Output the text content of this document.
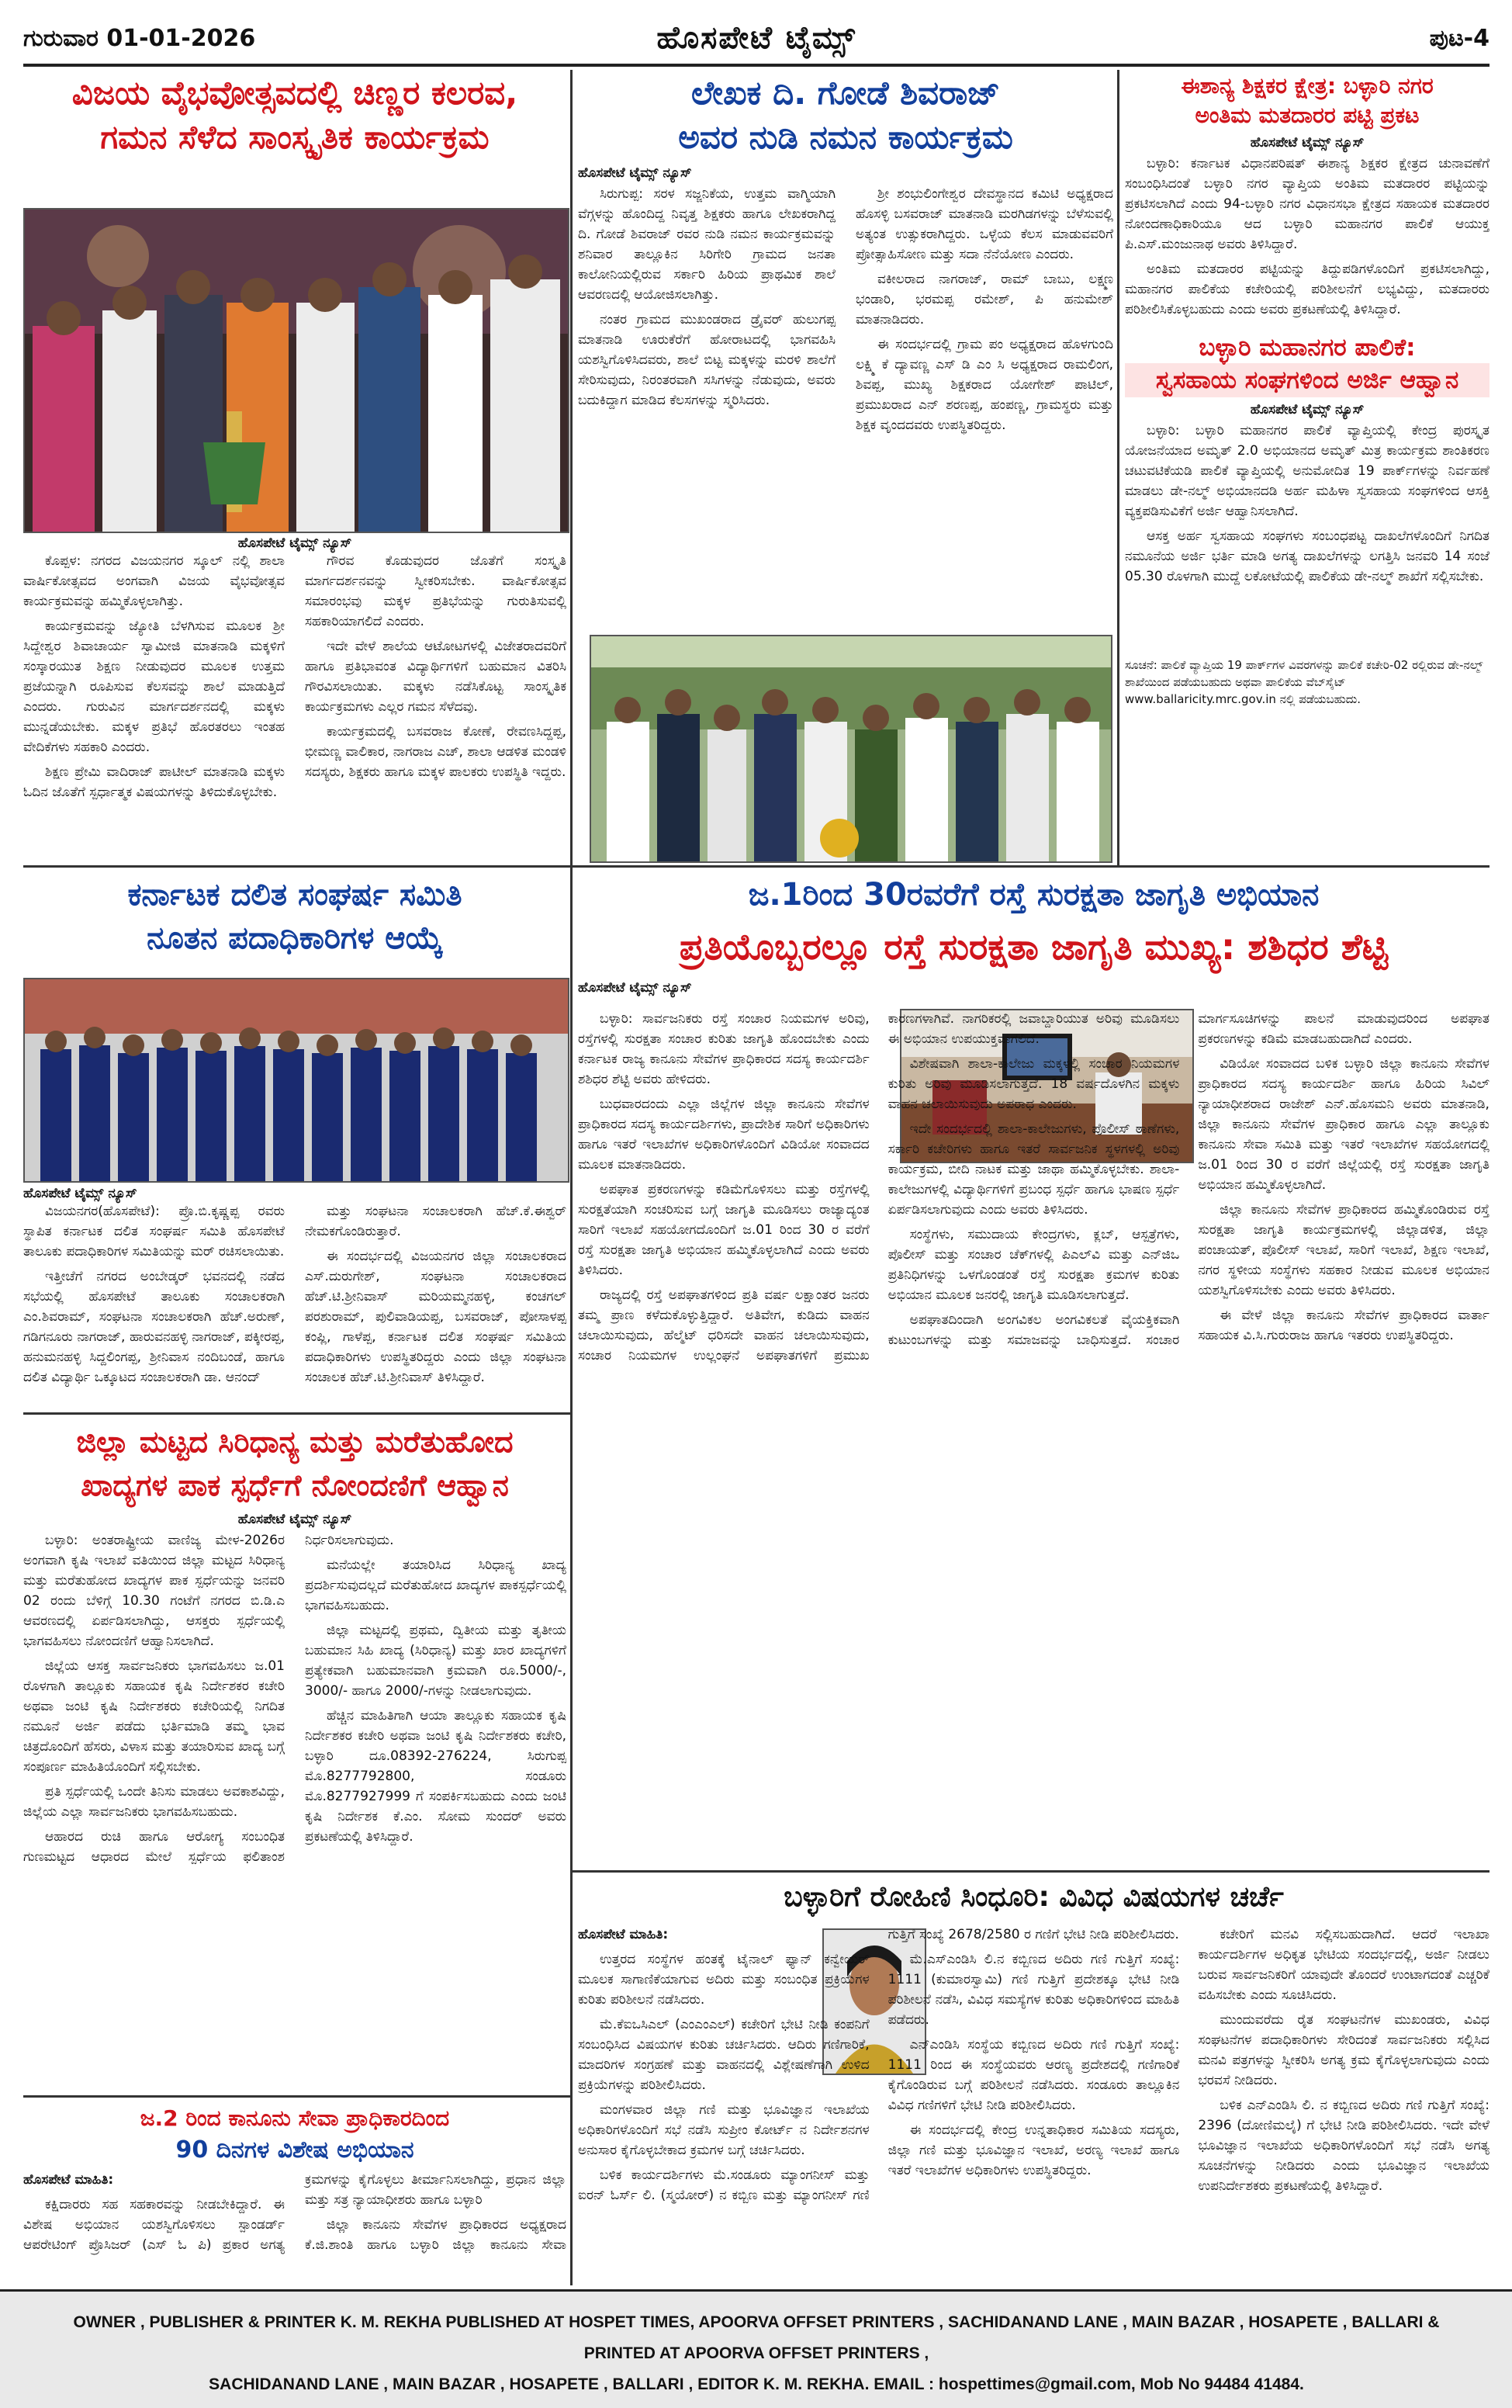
ಹೊಸಪೇಟೆ ಟೈಮ್ಸ್
ಗುರುವಾರ 01-01-2026	ಪುಟ-4
ವಿಜಯ ವೈಭವೋತ್ಸವದಲ್ಲಿ ಚಿಣ್ಣರ ಕಲರವ,
ಗಮನ ಸೆಳೆದ ಸಾಂಸ್ಕೃತಿಕ ಕಾರ್ಯಕ್ರಮ
ಹೊಸಪೇಟೆ ಟೈಮ್ಸ್ ನ್ಯೂಸ್

ಕೊಪ್ಪಳ: ನಗರದ ವಿಜಯನಗರ ಸ್ಕೂಲ್ ನಲ್ಲಿ ಶಾಲಾ ವಾರ್ಷಿಕೋತ್ಸವದ ಅಂಗವಾಗಿ ವಿಜಯ ವೈಭವೋತ್ಸವ ಕಾರ್ಯಕ್ರಮವನ್ನು ಹಮ್ಮಿಕೊಳ್ಳಲಾಗಿತ್ತು.

ಕಾರ್ಯಕ್ರಮವನ್ನು ಜ್ಯೋತಿ ಬೆಳಗಿಸುವ ಮೂಲಕ ಶ್ರೀ ಸಿದ್ದೇಶ್ವರ ಶಿವಾಚಾರ್ಯ ಸ್ವಾಮೀಜಿ ಮಾತನಾಡಿ ಮಕ್ಕಳಿಗೆ ಸಂಸ್ಕಾರಯುತ ಶಿಕ್ಷಣ ನೀಡುವುದರ ಮೂಲಕ ಉತ್ತಮ ಪ್ರಜೆಯನ್ನಾಗಿ ರೂಪಿಸುವ ಕೆಲಸವನ್ನು ಶಾಲೆ ಮಾಡುತ್ತಿದೆ ಎಂದರು. ಗುರುವಿನ ಮಾರ್ಗದರ್ಶನದಲ್ಲಿ ಮಕ್ಕಳು ಮುನ್ನಡೆಯಬೇಕು. ಮಕ್ಕಳ ಪ್ರತಿಭೆ ಹೊರತರಲು ಇಂತಹ ವೇದಿಕೆಗಳು ಸಹಕಾರಿ ಎಂದರು.

ಶಿಕ್ಷಣ ಪ್ರೇಮಿ ವಾದಿರಾಜ್ ಪಾಟೀಲ್ ಮಾತನಾಡಿ ಮಕ್ಕಳು ಓದಿನ ಜೊತೆಗೆ ಸ್ಪರ್ಧಾತ್ಮಕ ವಿಷಯಗಳನ್ನು ತಿಳಿದುಕೊಳ್ಳಬೇಕು.

ಗೌರವ ಕೊಡುವುದರ ಜೊತೆಗೆ ಸಂಸ್ಕೃತಿ ಮಾರ್ಗದರ್ಶನವನ್ನು ಸ್ವೀಕರಿಸಬೇಕು. ವಾರ್ಷಿಕೋತ್ಸವ ಸಮಾರಂಭವು ಮಕ್ಕಳ ಪ್ರತಿಭೆಯನ್ನು ಗುರುತಿಸುವಲ್ಲಿ ಸಹಕಾರಿಯಾಗಲಿದೆ ಎಂದರು.

ಇದೇ ವೇಳೆ ಶಾಲೆಯ ಆಟೋಟಗಳಲ್ಲಿ ವಿಜೇತರಾದವರಿಗೆ ಹಾಗೂ ಪ್ರತಿಭಾವಂತ ವಿದ್ಯಾರ್ಥಿಗಳಿಗೆ ಬಹುಮಾನ ವಿತರಿಸಿ ಗೌರವಿಸಲಾಯಿತು. ಮಕ್ಕಳು ನಡೆಸಿಕೊಟ್ಟ ಸಾಂಸ್ಕೃತಿಕ ಕಾರ್ಯಕ್ರಮಗಳು ಎಲ್ಲರ ಗಮನ ಸೆಳೆದವು.

ಕಾರ್ಯಕ್ರಮದಲ್ಲಿ ಬಸವರಾಜ ಕೋಣೆ, ರೇವಣಸಿದ್ದಪ್ಪ, ಭೀಮಣ್ಣ ವಾಲಿಕಾರ, ನಾಗರಾಜ ಎಚ್, ಶಾಲಾ ಆಡಳಿತ ಮಂಡಳಿ ಸದಸ್ಯರು, ಶಿಕ್ಷಕರು ಹಾಗೂ ಮಕ್ಕಳ ಪಾಲಕರು ಉಪಸ್ಥಿತಿ ಇದ್ದರು.

ಲೇಖಕ ದಿ. ಗೋಡೆ ಶಿವರಾಜ್
ಅವರ ನುಡಿ ನಮನ ಕಾರ್ಯಕ್ರಮ
ಹೊಸಪೇಟೆ ಟೈಮ್ಸ್ ನ್ಯೂಸ್

ಸಿರುಗುಪ್ಪ: ಸರಳ ಸಜ್ಜನಿಕೆಯ, ಉತ್ತಮ ವಾಗ್ಮಿಯಾಗಿ ವೆಗ್ಗಳನ್ನು ಹೊಂದಿದ್ದ ನಿವೃತ್ತ ಶಿಕ್ಷಕರು ಹಾಗೂ ಲೇಖಕರಾಗಿದ್ದ ದಿ. ಗೋಡೆ ಶಿವರಾಜ್ ರವರ ನುಡಿ ನಮನ ಕಾರ್ಯಕ್ರಮವನ್ನು ಶನಿವಾರ ತಾಲ್ಲೂಕಿನ ಸಿರಿಗೇರಿ ಗ್ರಾಮದ ಜನತಾ ಕಾಲೋನಿಯಲ್ಲಿರುವ ಸರ್ಕಾರಿ ಹಿರಿಯ ಪ್ರಾಥಮಿಕ ಶಾಲೆ ಆವರಣದಲ್ಲಿ ಆಯೋಜಿಸಲಾಗಿತ್ತು.

ನಂತರ ಗ್ರಾಮದ ಮುಖಂಡರಾದ ಡ್ರೈವರ್ ಹುಲುಗಪ್ಪ ಮಾತನಾಡಿ ಊರುಕೆರೆಗೆ ಹೋರಾಟದಲ್ಲಿ ಭಾಗವಹಿಸಿ ಯಶಸ್ವಿಗೊಳಿಸಿದವರು, ಶಾಲೆ ಬಿಟ್ಟ ಮಕ್ಕಳನ್ನು ಮರಳಿ ಶಾಲೆಗೆ ಸೇರಿಸುವುದು, ನಿರಂತರವಾಗಿ ಸಸಿಗಳನ್ನು ನೆಡುವುದು, ಅವರು ಬದುಕಿದ್ದಾಗ ಮಾಡಿದ ಕೆಲಸಗಳನ್ನು ಸ್ಮರಿಸಿದರು.

ಶ್ರೀ ಶಂಭುಲಿಂಗೇಶ್ವರ ದೇವಸ್ಥಾನದ ಕಮಿಟಿ ಅಧ್ಯಕ್ಷರಾದ ಹೊಸಳ್ಳಿ ಬಸವರಾಜ್ ಮಾತನಾಡಿ ಮರಗಿಡಗಳನ್ನು ಬೆಳೆಸುವಲ್ಲಿ ಅತ್ಯಂತ ಉತ್ಸುಕರಾಗಿದ್ದರು. ಒಳ್ಳೆಯ ಕೆಲಸ ಮಾಡುವವರಿಗೆ ಪ್ರೋತ್ಸಾಹಿಸೋಣ ಮತ್ತು ಸದಾ ನೆನೆಯೋಣ ಎಂದರು.

ವಕೀಲರಾದ ನಾಗರಾಜ್, ರಾಮ್ ಬಾಬು, ಲಕ್ಷ್ಮಣ ಭಂಡಾರಿ, ಭರಮಪ್ಪ ರಮೇಶ್, ಪಿ ಹನುಮೇಶ್ ಮಾತನಾಡಿದರು.

ಈ ಸಂದರ್ಭದಲ್ಲಿ ಗ್ರಾಮ ಪಂ ಅಧ್ಯಕ್ಷರಾದ ಹೊಳಗುಂದಿ ಲಕ್ಷ್ಮಿ ಕೆ ದ್ಯಾವಣ್ಣ ಎಸ್ ಡಿ ಎಂ ಸಿ ಅಧ್ಯಕ್ಷರಾದ ರಾಮಲಿಂಗ, ಶಿವಪ್ಪ, ಮುಖ್ಯ ಶಿಕ್ಷಕರಾದ ಯೋಗೇಶ್ ಪಾಟಿಲ್, ಪ್ರಮುಖರಾದ ಎನ್ ಶರಣಪ್ಪ, ಹಂಪಣ್ಣ, ಗ್ರಾಮಸ್ಥರು ಮತ್ತು ಶಿಕ್ಷಕ ವೃಂದದವರು ಉಪಸ್ಥಿತರಿದ್ದರು.

ಈಶಾನ್ಯ ಶಿಕ್ಷಕರ ಕ್ಷೇತ್ರ: ಬಳ್ಳಾರಿ ನಗರ
ಅಂತಿಮ ಮತದಾರರ ಪಟ್ಟಿ ಪ್ರಕಟ
ಹೊಸಪೇಟೆ ಟೈಮ್ಸ್ ನ್ಯೂಸ್

ಬಳ್ಳಾರಿ: ಕರ್ನಾಟಕ ವಿಧಾನಪರಿಷತ್ ಈಶಾನ್ಯ ಶಿಕ್ಷಕರ ಕ್ಷೇತ್ರದ ಚುನಾವಣೆಗೆ ಸಂಬಂಧಿಸಿದಂತೆ ಬಳ್ಳಾರಿ ನಗರ ವ್ಯಾಪ್ತಿಯ ಅಂತಿಮ ಮತದಾರರ ಪಟ್ಟಿಯನ್ನು ಪ್ರಕಟಿಸಲಾಗಿದೆ ಎಂದು 94-ಬಳ್ಳಾರಿ ನಗರ ವಿಧಾನಸಭಾ ಕ್ಷೇತ್ರದ ಸಹಾಯಕ ಮತದಾರರ ನೋಂದಣಾಧಿಕಾರಿಯೂ ಆದ ಬಳ್ಳಾರಿ ಮಹಾನಗರ ಪಾಲಿಕೆ ಆಯುಕ್ತ ಪಿ.ಎಸ್.ಮಂಜುನಾಥ ಅವರು ತಿಳಿಸಿದ್ದಾರೆ.

ಅಂತಿಮ ಮತದಾರರ ಪಟ್ಟಿಯನ್ನು ತಿದ್ದುಪಡಿಗಳೊಂದಿಗೆ ಪ್ರಕಟಿಸಲಾಗಿದ್ದು, ಮಹಾನಗರ ಪಾಲಿಕೆಯ ಕಚೇರಿಯಲ್ಲಿ ಪರಿಶೀಲನೆಗೆ ಲಭ್ಯವಿದ್ದು, ಮತದಾರರು ಪರಿಶೀಲಿಸಿಕೊಳ್ಳಬಹುದು ಎಂದು ಅವರು ಪ್ರಕಟಣೆಯಲ್ಲಿ ತಿಳಿಸಿದ್ದಾರೆ.

ಬಳ್ಳಾರಿ ಮಹಾನಗರ ಪಾಲಿಕೆ:
ಸ್ವಸಹಾಯ ಸಂಘಗಳಿಂದ ಅರ್ಜಿ ಆಹ್ವಾನ
ಹೊಸಪೇಟೆ ಟೈಮ್ಸ್ ನ್ಯೂಸ್

ಬಳ್ಳಾರಿ: ಬಳ್ಳಾರಿ ಮಹಾನಗರ ಪಾಲಿಕೆ ವ್ಯಾಪ್ತಿಯಲ್ಲಿ ಕೇಂದ್ರ ಪುರಸ್ಕೃತ ಯೋಜನೆಯಾದ ಅಮೃತ್ 2.0 ಅಭಿಯಾನದ ಅಮೃತ್ ಮಿತ್ರ ಕಾರ್ಯಕ್ರಮ ಶಾಂತಿಕರಣ ಚಟುವಟಿಕೆಯಡಿ ಪಾಲಿಕೆ ವ್ಯಾಪ್ತಿಯಲ್ಲಿ ಅನುಮೋದಿತ 19 ಪಾರ್ಕ್‌ಗಳನ್ನು ನಿರ್ವಹಣೆ ಮಾಡಲು ಡೇ-ನಲ್ಮ್ ಅಭಿಯಾನದಡಿ ಅರ್ಹ ಮಹಿಳಾ ಸ್ವಸಹಾಯ ಸಂಘಗಳಿಂದ ಆಸಕ್ತಿ ವ್ಯಕ್ತಪಡಿಸುವಿಕೆಗೆ ಅರ್ಜಿ ಆಹ್ವಾನಿಸಲಾಗಿದೆ.

ಆಸಕ್ತ ಅರ್ಹ ಸ್ವಸಹಾಯ ಸಂಘಗಳು ಸಂಬಂಧಪಟ್ಟ ದಾಖಲೆಗಳೊಂದಿಗೆ ನಿಗದಿತ ನಮೂನೆಯ ಅರ್ಜಿ ಭರ್ತಿ ಮಾಡಿ ಅಗತ್ಯ ದಾಖಲೆಗಳನ್ನು ಲಗತ್ತಿಸಿ ಜನವರಿ 14 ಸಂಜೆ 05.30 ರೊಳಗಾಗಿ ಮುದ್ದೆ ಲಕೋಟೆಯಲ್ಲಿ ಪಾಲಿಕೆಯ ಡೇ-ನಲ್ಮ್ ಶಾಖೆಗೆ ಸಲ್ಲಿಸಬೇಕು.

ಸೂಚನೆ: ಪಾಲಿಕೆ ವ್ಯಾಪ್ತಿಯ 19 ಪಾರ್ಕ್‌ಗಳ ವಿವರಗಳನ್ನು ಪಾಲಿಕೆ ಕಚೇರಿ-02 ರಲ್ಲಿರುವ ಡೇ-ನಲ್ಮ್ ಶಾಖೆಯಿಂದ ಪಡೆಯಬಹುದು ಅಥವಾ ಪಾಲಿಕೆಯ ವೆಬ್‌ಸೈಟ್ www.ballaricity.mrc.gov.in ನಲ್ಲಿ ಪಡೆಯಬಹುದು.
ಕರ್ನಾಟಕ ದಲಿತ ಸಂಘರ್ಷ ಸಮಿತಿ
ನೂತನ ಪದಾಧಿಕಾರಿಗಳ ಆಯ್ಕೆ
ಹೊಸಪೇಟೆ ಟೈಮ್ಸ್ ನ್ಯೂಸ್

ವಿಜಯನಗರ(ಹೊಸಪೇಟೆ): ಪ್ರೊ.ಬಿ.ಕೃಷ್ಣಪ್ಪ ರವರು ಸ್ಥಾಪಿತ ಕರ್ನಾಟಕ ದಲಿತ ಸಂಘರ್ಷ ಸಮಿತಿ ಹೊಸಪೇಟೆ ತಾಲೂಕು ಪದಾಧಿಕಾರಿಗಳ ಸಮಿತಿಯನ್ನು ಮರ್ ರಚಿಸಲಾಯಿತು.

ಇತ್ತೀಚೆಗೆ ನಗರದ ಅಂಬೇಡ್ಕರ್ ಭವನದಲ್ಲಿ ನಡೆದ ಸಭೆಯಲ್ಲಿ ಹೊಸಪೇಟೆ ತಾಲೂಕು ಸಂಚಾಲಕರಾಗಿ ಎಂ.ಶಿವರಾಮ್, ಸಂಘಟನಾ ಸಂಚಾಲಕರಾಗಿ ಹೆಚ್.ಅರುಣ್, ಗಡಿಗನೂರು ನಾಗರಾಜ್, ಹಾರುವನಹಳ್ಳಿ ನಾಗರಾಜ್, ಪಕ್ಕೀರಪ್ಪ, ಹನುಮನಹಳ್ಳಿ ಸಿದ್ದಲಿಂಗಪ್ಪ, ಶ್ರೀನಿವಾಸ ನಂದಿಬಂಡೆ, ಹಾಗೂ ದಲಿತ ವಿದ್ಯಾರ್ಥಿ ಒಕ್ಕೂಟದ ಸಂಚಾಲಕರಾಗಿ ಡಾ. ಆನಂದ್

ಮತ್ತು ಸಂಘಟನಾ ಸಂಚಾಲಕರಾಗಿ ಹೆಚ್.ಕೆ.ಈಶ್ವರ್ ನೇಮಕಗೊಂಡಿರುತ್ತಾರೆ.

ಈ ಸಂದರ್ಭದಲ್ಲಿ ವಿಜಯನಗರ ಜಿಲ್ಲಾ ಸಂಚಾಲಕರಾದ ಎಸ್.ದುರುಗೇಶ್, ಸಂಘಟನಾ ಸಂಚಾಲಕರಾದ ಹೆಚ್.ಟಿ.ಶ್ರೀನಿವಾಸ್ ಮರಿಯಮ್ಮನಹಳ್ಳಿ, ಕಂಚಗಲ್ ಪರಶುರಾಮ್, ಪುಲಿವಾಡಿಯಪ್ಪ, ಬಸವರಾಜ್, ಪೋಸಾಳಪ್ಪ ಕಂಪ್ಲಿ, ಗಾಳೆಪ್ಪ, ಕರ್ನಾಟಕ ದಲಿತ ಸಂಘರ್ಷ ಸಮಿತಿಯ ಪದಾಧಿಕಾರಿಗಳು ಉಪಸ್ಥಿತರಿದ್ದರು ಎಂದು ಜಿಲ್ಲಾ ಸಂಘಟನಾ ಸಂಚಾಲಕ ಹೆಚ್.ಟಿ.ಶ್ರೀನಿವಾಸ್ ತಿಳಿಸಿದ್ದಾರೆ.

ಜ.1ರಿಂದ 30ರವರೆಗೆ ರಸ್ತೆ ಸುರಕ್ಷತಾ ಜಾಗೃತಿ ಅಭಿಯಾನ
ಪ್ರತಿಯೊಬ್ಬರಲ್ಲೂ ರಸ್ತೆ ಸುರಕ್ಷತಾ ಜಾಗೃತಿ ಮುಖ್ಯ: ಶಶಿಧರ ಶೆಟ್ಟಿ
ಹೊಸಪೇಟೆ ಟೈಮ್ಸ್ ನ್ಯೂಸ್

ಬಳ್ಳಾರಿ: ಸಾರ್ವಜನಿಕರು ರಸ್ತೆ ಸಂಚಾರ ನಿಯಮಗಳ ಅರಿವು, ರಸ್ತೆಗಳಲ್ಲಿ ಸುರಕ್ಷತಾ ಸಂಚಾರ ಕುರಿತು ಜಾಗೃತಿ ಹೊಂದಬೇಕು ಎಂದು ಕರ್ನಾಟಕ ರಾಜ್ಯ ಕಾನೂನು ಸೇವೆಗಳ ಪ್ರಾಧಿಕಾರದ ಸದಸ್ಯ ಕಾರ್ಯದರ್ಶಿ ಶಶಿಧರ ಶೆಟ್ಟಿ ಅವರು ಹೇಳಿದರು.

ಬುಧವಾರದಂದು ಎಲ್ಲಾ ಜಿಲ್ಲೆಗಳ ಜಿಲ್ಲಾ ಕಾನೂನು ಸೇವೆಗಳ ಪ್ರಾಧಿಕಾರದ ಸದಸ್ಯ ಕಾರ್ಯದರ್ಶಿಗಳು, ಪ್ರಾದೇಶಿಕ ಸಾರಿಗೆ ಅಧಿಕಾರಿಗಳು ಹಾಗೂ ಇತರೆ ಇಲಾಖೆಗಳ ಅಧಿಕಾರಿಗಳೊಂದಿಗೆ ವಿಡಿಯೋ ಸಂವಾದದ ಮೂಲಕ ಮಾತನಾಡಿದರು.

ಅಪಘಾತ ಪ್ರಕರಣಗಳನ್ನು ಕಡಿಮೆಗೊಳಿಸಲು ಮತ್ತು ರಸ್ತೆಗಳಲ್ಲಿ ಸುರಕ್ಷತೆಯಾಗಿ ಸಂಚರಿಸುವ ಬಗ್ಗೆ ಜಾಗೃತಿ ಮೂಡಿಸಲು ರಾಜ್ಯಾದ್ಯಂತ ಸಾರಿಗೆ ಇಲಾಖೆ ಸಹಯೋಗದೊಂದಿಗೆ ಜ.01 ರಿಂದ 30 ರ ವರೆಗೆ ರಸ್ತೆ ಸುರಕ್ಷತಾ ಜಾಗೃತಿ ಅಭಿಯಾನ ಹಮ್ಮಿಕೊಳ್ಳಲಾಗಿದೆ ಎಂದು ಅವರು ತಿಳಿಸಿದರು.

ರಾಜ್ಯದಲ್ಲಿ ರಸ್ತೆ ಅಪಘಾತಗಳಿಂದ ಪ್ರತಿ ವರ್ಷ ಲಕ್ಷಾಂತರ ಜನರು ತಮ್ಮ ಪ್ರಾಣ ಕಳೆದುಕೊಳ್ಳುತ್ತಿದ್ದಾರೆ. ಅತಿವೇಗ, ಕುಡಿದು ವಾಹನ ಚಲಾಯಿಸುವುದು, ಹೆಲ್ಮೆಟ್ ಧರಿಸದೇ ವಾಹನ ಚಲಾಯಿಸುವುದು, ಸಂಚಾರ ನಿಯಮಗಳ ಉಲ್ಲಂಘನೆ ಅಪಘಾತಗಳಿಗೆ ಪ್ರಮುಖ ಕಾರಣಗಳಾಗಿವೆ. ನಾಗರಿಕರಲ್ಲಿ ಜವಾಬ್ದಾರಿಯುತ ಅರಿವು ಮೂಡಿಸಲು ಈ ಅಭಿಯಾನ ಉಪಯುಕ್ತವಾಗಲಿದೆ.

ವಿಶೇಷವಾಗಿ ಶಾಲಾ-ಕಾಲೇಜು ಮಕ್ಕಳಲ್ಲಿ ಸಂಚಾರ ನಿಯಮಗಳ ಕುರಿತು ಅರಿವು ಮೂಡಿಸಲಾಗುತ್ತದೆ. 18 ವರ್ಷದೊಳಗಿನ ಮಕ್ಕಳು ವಾಹನ ಚಲಾಯಿಸುವುದು ಅಪರಾಧ ಎಂದರು.

ಇದೇ ಸಂದರ್ಭದಲ್ಲಿ ಶಾಲಾ-ಕಾಲೇಜುಗಳು, ಪೊಲೀಸ್ ಠಾಣೆಗಳು, ಸರ್ಕಾರಿ ಕಚೇರಿಗಳು ಹಾಗೂ ಇತರೆ ಸಾರ್ವಜನಿಕ ಸ್ಥಳಗಳಲ್ಲಿ ಅರಿವು ಕಾರ್ಯಕ್ರಮ, ಬೀದಿ ನಾಟಕ ಮತ್ತು ಜಾಥಾ ಹಮ್ಮಿಕೊಳ್ಳಬೇಕು. ಶಾಲಾ-ಕಾಲೇಜುಗಳಲ್ಲಿ ವಿದ್ಯಾರ್ಥಿಗಳಿಗೆ ಪ್ರಬಂಧ ಸ್ಪರ್ಧೆ ಹಾಗೂ ಭಾಷಣ ಸ್ಪರ್ಧೆ ಏರ್ಪಡಿಸಲಾಗುವುದು ಎಂದು ಅವರು ತಿಳಿಸಿದರು.

ಸಂಸ್ಥೆಗಳು, ಸಮುದಾಯ ಕೇಂದ್ರಗಳು, ಕ್ಲಬ್, ಆಸ್ಪತ್ರೆಗಳು, ಪೊಲೀಸ್ ಮತ್ತು ಸಂಚಾರ ಚೆಕ್‌ಗಳಲ್ಲಿ ಪಿಎಲ್‌ವಿ ಮತ್ತು ಎನ್‌ಜಿಒ ಪ್ರತಿನಿಧಿಗಳನ್ನು ಒಳಗೊಂಡಂತೆ ರಸ್ತೆ ಸುರಕ್ಷತಾ ಕ್ರಮಗಳ ಕುರಿತು ಅಭಿಯಾನ ಮೂಲಕ ಜನರಲ್ಲಿ ಜಾಗೃತಿ ಮೂಡಿಸಲಾಗುತ್ತದೆ.

ಅಪಘಾತದಿಂದಾಗಿ ಅಂಗವಿಕಲ ಅಂಗವಿಕಲತೆ ವೈಯಕ್ತಿಕವಾಗಿ ಕುಟುಂಬಗಳನ್ನು ಮತ್ತು ಸಮಾಜವನ್ನು ಬಾಧಿಸುತ್ತದೆ. ಸಂಚಾರ ಮಾರ್ಗಸೂಚಿಗಳನ್ನು ಪಾಲನೆ ಮಾಡುವುದರಿಂದ ಅಪಘಾತ ಪ್ರಕರಣಗಳನ್ನು ಕಡಿಮೆ ಮಾಡಬಹುದಾಗಿದೆ ಎಂದರು.

ವಿಡಿಯೋ ಸಂವಾದದ ಬಳಿಕ ಬಳ್ಳಾರಿ ಜಿಲ್ಲಾ ಕಾನೂನು ಸೇವೆಗಳ ಪ್ರಾಧಿಕಾರದ ಸದಸ್ಯ ಕಾರ್ಯದರ್ಶಿ ಹಾಗೂ ಹಿರಿಯ ಸಿವಿಲ್ ನ್ಯಾಯಾಧೀಶರಾದ ರಾಜೇಶ್ ಎನ್.ಹೊಸಮನಿ ಅವರು ಮಾತನಾಡಿ, ಜಿಲ್ಲಾ ಕಾನೂನು ಸೇವೆಗಳ ಪ್ರಾಧಿಕಾರ ಹಾಗೂ ಎಲ್ಲಾ ತಾಲ್ಲೂಕು ಕಾನೂನು ಸೇವಾ ಸಮಿತಿ ಮತ್ತು ಇತರೆ ಇಲಾಖೆಗಳ ಸಹಯೋಗದಲ್ಲಿ ಜ.01 ರಿಂದ 30 ರ ವರೆಗೆ ಜಿಲ್ಲೆಯಲ್ಲಿ ರಸ್ತೆ ಸುರಕ್ಷತಾ ಜಾಗೃತಿ ಅಭಿಯಾನ ಹಮ್ಮಿಕೊಳ್ಳಲಾಗಿದೆ.

ಜಿಲ್ಲಾ ಕಾನೂನು ಸೇವೆಗಳ ಪ್ರಾಧಿಕಾರದ ಹಮ್ಮಿಕೊಂಡಿರುವ ರಸ್ತೆ ಸುರಕ್ಷತಾ ಜಾಗೃತಿ ಕಾರ್ಯಕ್ರಮಗಳಲ್ಲಿ ಜಿಲ್ಲಾಡಳಿತ, ಜಿಲ್ಲಾ ಪಂಚಾಯತ್, ಪೊಲೀಸ್ ಇಲಾಖೆ, ಸಾರಿಗೆ ಇಲಾಖೆ, ಶಿಕ್ಷಣ ಇಲಾಖೆ, ನಗರ ಸ್ಥಳೀಯ ಸಂಸ್ಥೆಗಳು ಸಹಕಾರ ನೀಡುವ ಮೂಲಕ ಅಭಿಯಾನ ಯಶಸ್ವಿಗೊಳಿಸಬೇಕು ಎಂದು ಅವರು ತಿಳಿಸಿದರು.

ಈ ವೇಳೆ ಜಿಲ್ಲಾ ಕಾನೂನು ಸೇವೆಗಳ ಪ್ರಾಧಿಕಾರದ ವಾರ್ತಾ ಸಹಾಯಕ ವಿ.ಸಿ.ಗುರುರಾಜ ಹಾಗೂ ಇತರರು ಉಪಸ್ಥಿತರಿದ್ದರು.

ಜಿಲ್ಲಾ ಮಟ್ಟದ ಸಿರಿಧಾನ್ಯ ಮತ್ತು ಮರೆತುಹೋದ
ಖಾದ್ಯಗಳ ಪಾಕ ಸ್ಪರ್ಧೆಗೆ ನೋಂದಣಿಗೆ ಆಹ್ವಾನ
ಹೊಸಪೇಟೆ ಟೈಮ್ಸ್ ನ್ಯೂಸ್

ಬಳ್ಳಾರಿ: ಅಂತರಾಷ್ಟ್ರೀಯ ವಾಣಿಜ್ಯ ಮೇಳ-2026ರ ಅಂಗವಾಗಿ ಕೃಷಿ ಇಲಾಖೆ ವತಿಯಿಂದ ಜಿಲ್ಲಾ ಮಟ್ಟದ ಸಿರಿಧಾನ್ಯ ಮತ್ತು ಮರೆತುಹೋದ ಖಾದ್ಯಗಳ ಪಾಕ ಸ್ಪರ್ಧೆಯನ್ನು ಜನವರಿ 02 ರಂದು ಬೆಳಿಗ್ಗೆ 10.30 ಗಂಟೆಗೆ ನಗರದ ಬಿ.ಡಿ.ಎ ಆವರಣದಲ್ಲಿ ಏರ್ಪಡಿಸಲಾಗಿದ್ದು, ಆಸಕ್ತರು ಸ್ಪರ್ಧೆಯಲ್ಲಿ ಭಾಗವಹಿಸಲು ನೋಂದಣಿಗೆ ಆಹ್ವಾನಿಸಲಾಗಿದೆ.

ಜಿಲ್ಲೆಯ ಆಸಕ್ತ ಸಾರ್ವಜನಿಕರು ಭಾಗವಹಿಸಲು ಜ.01 ರೊಳಗಾಗಿ ತಾಲ್ಲೂಕು ಸಹಾಯಕ ಕೃಷಿ ನಿರ್ದೇಶಕರ ಕಚೇರಿ ಅಥವಾ ಜಂಟಿ ಕೃಷಿ ನಿರ್ದೇಶಕರು ಕಚೇರಿಯಲ್ಲಿ ನಿಗದಿತ ನಮೂನೆ ಅರ್ಜಿ ಪಡೆದು ಭರ್ತಿಮಾಡಿ ತಮ್ಮ ಭಾವ ಚಿತ್ರದೊಂದಿಗೆ ಹೆಸರು, ವಿಳಾಸ ಮತ್ತು ತಯಾರಿಸುವ ಖಾದ್ಯ ಬಗ್ಗೆ ಸಂಪೂರ್ಣ ಮಾಹಿತಿಯೊಂದಿಗೆ ಸಲ್ಲಿಸಬೇಕು.

ಪ್ರತಿ ಸ್ಪರ್ಧೆಯಲ್ಲಿ ಒಂದೇ ತಿನಿಸು ಮಾಡಲು ಅವಕಾಶವಿದ್ದು, ಜಿಲ್ಲೆಯ ಎಲ್ಲಾ ಸಾರ್ವಜನಿಕರು ಭಾಗವಹಿಸಬಹುದು.

ಆಹಾರದ ರುಚಿ ಹಾಗೂ ಆರೋಗ್ಯ ಸಂಬಂಧಿತ ಗುಣಮಟ್ಟದ ಆಧಾರದ ಮೇಲೆ ಸ್ಪರ್ಧೆಯ ಫಲಿತಾಂಶ ನಿರ್ಧರಿಸಲಾಗುವುದು.

ಮನೆಯಲ್ಲೇ ತಯಾರಿಸಿದ ಸಿರಿಧಾನ್ಯ ಖಾದ್ಯ ಪ್ರದರ್ಶಿಸುವುದಲ್ಲದೆ ಮರೆತುಹೋದ ಖಾದ್ಯಗಳ ಪಾಕಸ್ಪರ್ಧೆಯಲ್ಲಿ ಭಾಗವಹಿಸಬಹುದು.

ಜಿಲ್ಲಾ ಮಟ್ಟದಲ್ಲಿ ಪ್ರಥಮ, ದ್ವಿತೀಯ ಮತ್ತು ತೃತೀಯ ಬಹುಮಾನ ಸಿಹಿ ಖಾದ್ಯ (ಸಿರಿಧಾನ್ಯ) ಮತ್ತು ಖಾರ ಖಾದ್ಯಗಳಿಗೆ ಪ್ರತ್ಯೇಕವಾಗಿ ಬಹುಮಾನವಾಗಿ ಕ್ರಮವಾಗಿ ರೂ.5000/-, 3000/- ಹಾಗೂ 2000/-ಗಳನ್ನು ನೀಡಲಾಗುವುದು.

ಹೆಚ್ಚಿನ ಮಾಹಿತಿಗಾಗಿ ಆಯಾ ತಾಲ್ಲೂಕು ಸಹಾಯಕ ಕೃಷಿ ನಿರ್ದೇಶಕರ ಕಚೇರಿ ಅಥವಾ ಜಂಟಿ ಕೃಷಿ ನಿರ್ದೇಶಕರು ಕಚೇರಿ, ಬಳ್ಳಾರಿ ದೂ.08392-276224, ಸಿರುಗುಪ್ಪ ಮೊ.8277792800, ಸಂಡೂರು ಮೊ.8277927999 ಗೆ ಸಂಪರ್ಕಿಸಬಹುದು ಎಂದು ಜಂಟಿ ಕೃಷಿ ನಿರ್ದೇಶಕ ಕೆ.ಎಂ. ಸೋಮ ಸುಂದರ್ ಅವರು ಪ್ರಕಟಣೆಯಲ್ಲಿ ತಿಳಿಸಿದ್ದಾರೆ.

ಜ.2 ರಿಂದ ಕಾನೂನು ಸೇವಾ ಪ್ರಾಧಿಕಾರದಿಂದ
90 ದಿನಗಳ ವಿಶೇಷ ಅಭಿಯಾನ

ಹೊಸಪೇಟೆ ಮಾಹಿತಿ:

ಕಕ್ಷಿದಾರರು ಸಹ ಸಹಕಾರವನ್ನು ನೀಡಬೇಕಿದ್ದಾರೆ. ಈ ವಿಶೇಷ ಅಭಿಯಾನ ಯಶಸ್ವಿಗೊಳಿಸಲು ಸ್ಪಾಂಡರ್ಡ್ ಆಪರೇಟಿಂಗ್ ಪ್ರೊಸಿಜರ್ (ಎಸ್ ಓ ಪಿ) ಪ್ರಕಾರ ಅಗತ್ಯ ಕ್ರಮಗಳನ್ನು ಕೈಗೊಳ್ಳಲು ತೀರ್ಮಾನಿಸಲಾಗಿದ್ದು, ಪ್ರಧಾನ ಜಿಲ್ಲಾ ಮತ್ತು ಸತ್ರ ನ್ಯಾಯಾಧೀಶರು ಹಾಗೂ ಬಳ್ಳಾರಿ

ಜಿಲ್ಲಾ ಕಾನೂನು ಸೇವೆಗಳ ಪ್ರಾಧಿಕಾರದ ಅಧ್ಯಕ್ಷರಾದ ಕೆ.ಜಿ.ಶಾಂತಿ ಹಾಗೂ ಬಳ್ಳಾರಿ ಜಿಲ್ಲಾ ಕಾನೂನು ಸೇವಾ

ಬಳ್ಳಾರಿಗೆ ರೋಹಿಣಿ ಸಿಂಧೂರಿ: ವಿವಿಧ ವಿಷಯಗಳ ಚರ್ಚೆ

ಹೊಸಪೇಟೆ ಮಾಹಿತಿ:

ಉತ್ತರದ ಸಂಸ್ಥೆಗಳ ಹಂತಕ್ಕೆ ಟೈನಾಲ್ ಫ್ಯಾನ್ ಕನ್ವೇಯರ್ ಮೂಲಕ ಸಾಗಾಣಿಕೆಯಾಗುವ ಅದಿರು ಮತ್ತು ಸಂಬಂಧಿತ ಪ್ರಕ್ರಿಯೆಗಳ ಕುರಿತು ಪರಿಶೀಲನೆ ನಡೆಸಿದರು.

ಮೆ.ಕೆಐಒಸಿಎಲ್ (ಎಂಎಂಎಲ್) ಕಚೇರಿಗೆ ಭೇಟಿ ನೀಡಿ ಕಂಪನಿಗೆ ಸಂಬಂಧಿಸಿದ ವಿಷಯಗಳ ಕುರಿತು ಚರ್ಚಿಸಿದರು. ಆದಿರು ಗಣಿಗಾರಿಕೆ, ಮಾದರಿಗಳ ಸಂಗ್ರಹಣೆ ಮತ್ತು ವಾಹನದಲ್ಲಿ ವಿಶ್ಲೇಷಣೆಗಾಗಿ ಉಳಿದ ಪ್ರಕ್ರಿಯೆಗಳನ್ನು ಪರಿಶೀಲಿಸಿದರು.

ಮಂಗಳವಾರ ಜಿಲ್ಲಾ ಗಣಿ ಮತ್ತು ಭೂವಿಜ್ಞಾನ ಇಲಾಖೆಯ ಅಧಿಕಾರಿಗಳೊಂದಿಗೆ ಸಭೆ ನಡೆಸಿ ಸುಪ್ರೀಂ ಕೋರ್ಟ್ ನ ನಿರ್ದೇಶನಗಳ ಅನುಸಾರ ಕೈಗೊಳ್ಳಬೇಕಾದ ಕ್ರಮಗಳ ಬಗ್ಗೆ ಚರ್ಚಿಸಿದರು.

ಬಳಿಕ ಕಾರ್ಯದರ್ಶಿಗಳು ಮೆ.ಸಂಡೂರು ಮ್ಯಾಂಗನೀಸ್ ಮತ್ತು ಐರನ್ ಓರ್ಸ್ ಲಿ. (ಸ್ಮಯೋರ್) ನ ಕಬ್ಬಿಣ ಮತ್ತು ಮ್ಯಾಂಗನೀಸ್ ಗಣಿ ಗುತ್ತಿಗೆ ಸಂಖ್ಯೆ 2678/2580 ರ ಗಣಿಗೆ ಭೇಟಿ ನೀಡಿ ಪರಿಶೀಲಿಸಿದರು.

ಮೆ.ಎಸ್‌ಎಂಡಿಸಿ ಲಿ.ನ ಕಬ್ಬಿಣದ ಅದಿರು ಗಣಿ ಗುತ್ತಿಗೆ ಸಂಖ್ಯೆ: 1111 (ಕುಮಾರಸ್ವಾಮಿ) ಗಣಿ ಗುತ್ತಿಗೆ ಪ್ರದೇಶಕ್ಕೂ ಭೇಟಿ ನೀಡಿ ಪರಿಶೀಲನೆ ನಡೆಸಿ, ವಿವಿಧ ಸಮಸ್ಯೆಗಳ ಕುರಿತು ಅಧಿಕಾರಿಗಳಿಂದ ಮಾಹಿತಿ ಪಡೆದರು.

ಎನ್‌ಎಂಡಿಸಿ ಸಂಸ್ಥೆಯ ಕಬ್ಬಿಣದ ಅದಿರು ಗಣಿ ಗುತ್ತಿಗೆ ಸಂಖ್ಯೆ: 1111 ರಿಂದ ಈ ಸಂಸ್ಥೆಯವರು ಆರಣ್ಯ ಪ್ರದೇಶದಲ್ಲಿ ಗಣಿಗಾರಿಕೆ ಕೈಗೊಂಡಿರುವ ಬಗ್ಗೆ ಪರಿಶೀಲನೆ ನಡೆಸಿದರು. ಸಂಡೂರು ತಾಲ್ಲೂಕಿನ ವಿವಿಧ ಗಣಿಗಳಿಗೆ ಭೇಟಿ ನೀಡಿ ಪರಿಶೀಲಿಸಿದರು.

ಈ ಸಂದರ್ಭದಲ್ಲಿ ಕೇಂದ್ರ ಉನ್ನತಾಧಿಕಾರ ಸಮಿತಿಯ ಸದಸ್ಯರು, ಜಿಲ್ಲಾ ಗಣಿ ಮತ್ತು ಭೂವಿಜ್ಞಾನ ಇಲಾಖೆ, ಅರಣ್ಯ ಇಲಾಖೆ ಹಾಗೂ ಇತರೆ ಇಲಾಖೆಗಳ ಅಧಿಕಾರಿಗಳು ಉಪಸ್ಥಿತರಿದ್ದರು.

ಕಚೇರಿಗೆ ಮನವಿ ಸಲ್ಲಿಸಬಹುದಾಗಿದೆ. ಆದರೆ ಇಲಾಖಾ ಕಾರ್ಯದರ್ಶಿಗಳ ಅಧಿಕೃತ ಭೇಟಿಯ ಸಂದರ್ಭದಲ್ಲಿ, ಅರ್ಜಿ ನೀಡಲು ಬರುವ ಸಾರ್ವಜನಿಕರಿಗೆ ಯಾವುದೇ ತೊಂದರೆ ಉಂಟಾಗದಂತೆ ಎಚ್ಚರಿಕೆ ವಹಿಸಬೇಕು ಎಂದು ಸೂಚಿಸಿದರು.

ಮುಂದುವರೆದು ರೈತ ಸಂಘಟನೆಗಳ ಮುಖಂಡರು, ವಿವಿಧ ಸಂಘಟನೆಗಳ ಪದಾಧಿಕಾರಿಗಳು ಸೇರಿದಂತೆ ಸಾರ್ವಜನಿಕರು ಸಲ್ಲಿಸಿದ ಮನವಿ ಪತ್ರಗಳನ್ನು ಸ್ವೀಕರಿಸಿ ಅಗತ್ಯ ಕ್ರಮ ಕೈಗೊಳ್ಳಲಾಗುವುದು ಎಂದು ಭರವಸೆ ನೀಡಿದರು.

ಬಳಿಕ ಎನ್‌ಎಂಡಿಸಿ ಲಿ. ನ ಕಬ್ಬಿಣದ ಅದಿರು ಗಣಿ ಗುತ್ತಿಗೆ ಸಂಖ್ಯೆ: 2396 (ದೋಣಿಮಲೈ) ಗೆ ಭೇಟಿ ನೀಡಿ ಪರಿಶೀಲಿಸಿದರು. ಇದೇ ವೇಳೆ ಭೂವಿಜ್ಞಾನ ಇಲಾಖೆಯ ಅಧಿಕಾರಿಗಳೊಂದಿಗೆ ಸಭೆ ನಡೆಸಿ ಅಗತ್ಯ ಸೂಚನೆಗಳನ್ನು ನೀಡಿದರು ಎಂದು ಭೂವಿಜ್ಞಾನ ಇಲಾಖೆಯ ಉಪನಿರ್ದೇಶಕರು ಪ್ರಕಟಣೆಯಲ್ಲಿ ತಿಳಿಸಿದ್ದಾರೆ.

OWNER , PUBLISHER & PRINTER K. M. REKHA PUBLISHED AT HOSPET TIMES, APOORVA OFFSET PRINTERS , SACHIDANAND LANE , MAIN BAZAR , HOSAPETE , BALLARI & PRINTED AT APOORVA OFFSET PRINTERS ,
SACHIDANAND LANE , MAIN BAZAR , HOSAPETE , BALLARI , EDITOR K. M. REKHA. EMAIL : hospettimes@gmail.com, Mob No 94484 41484.
